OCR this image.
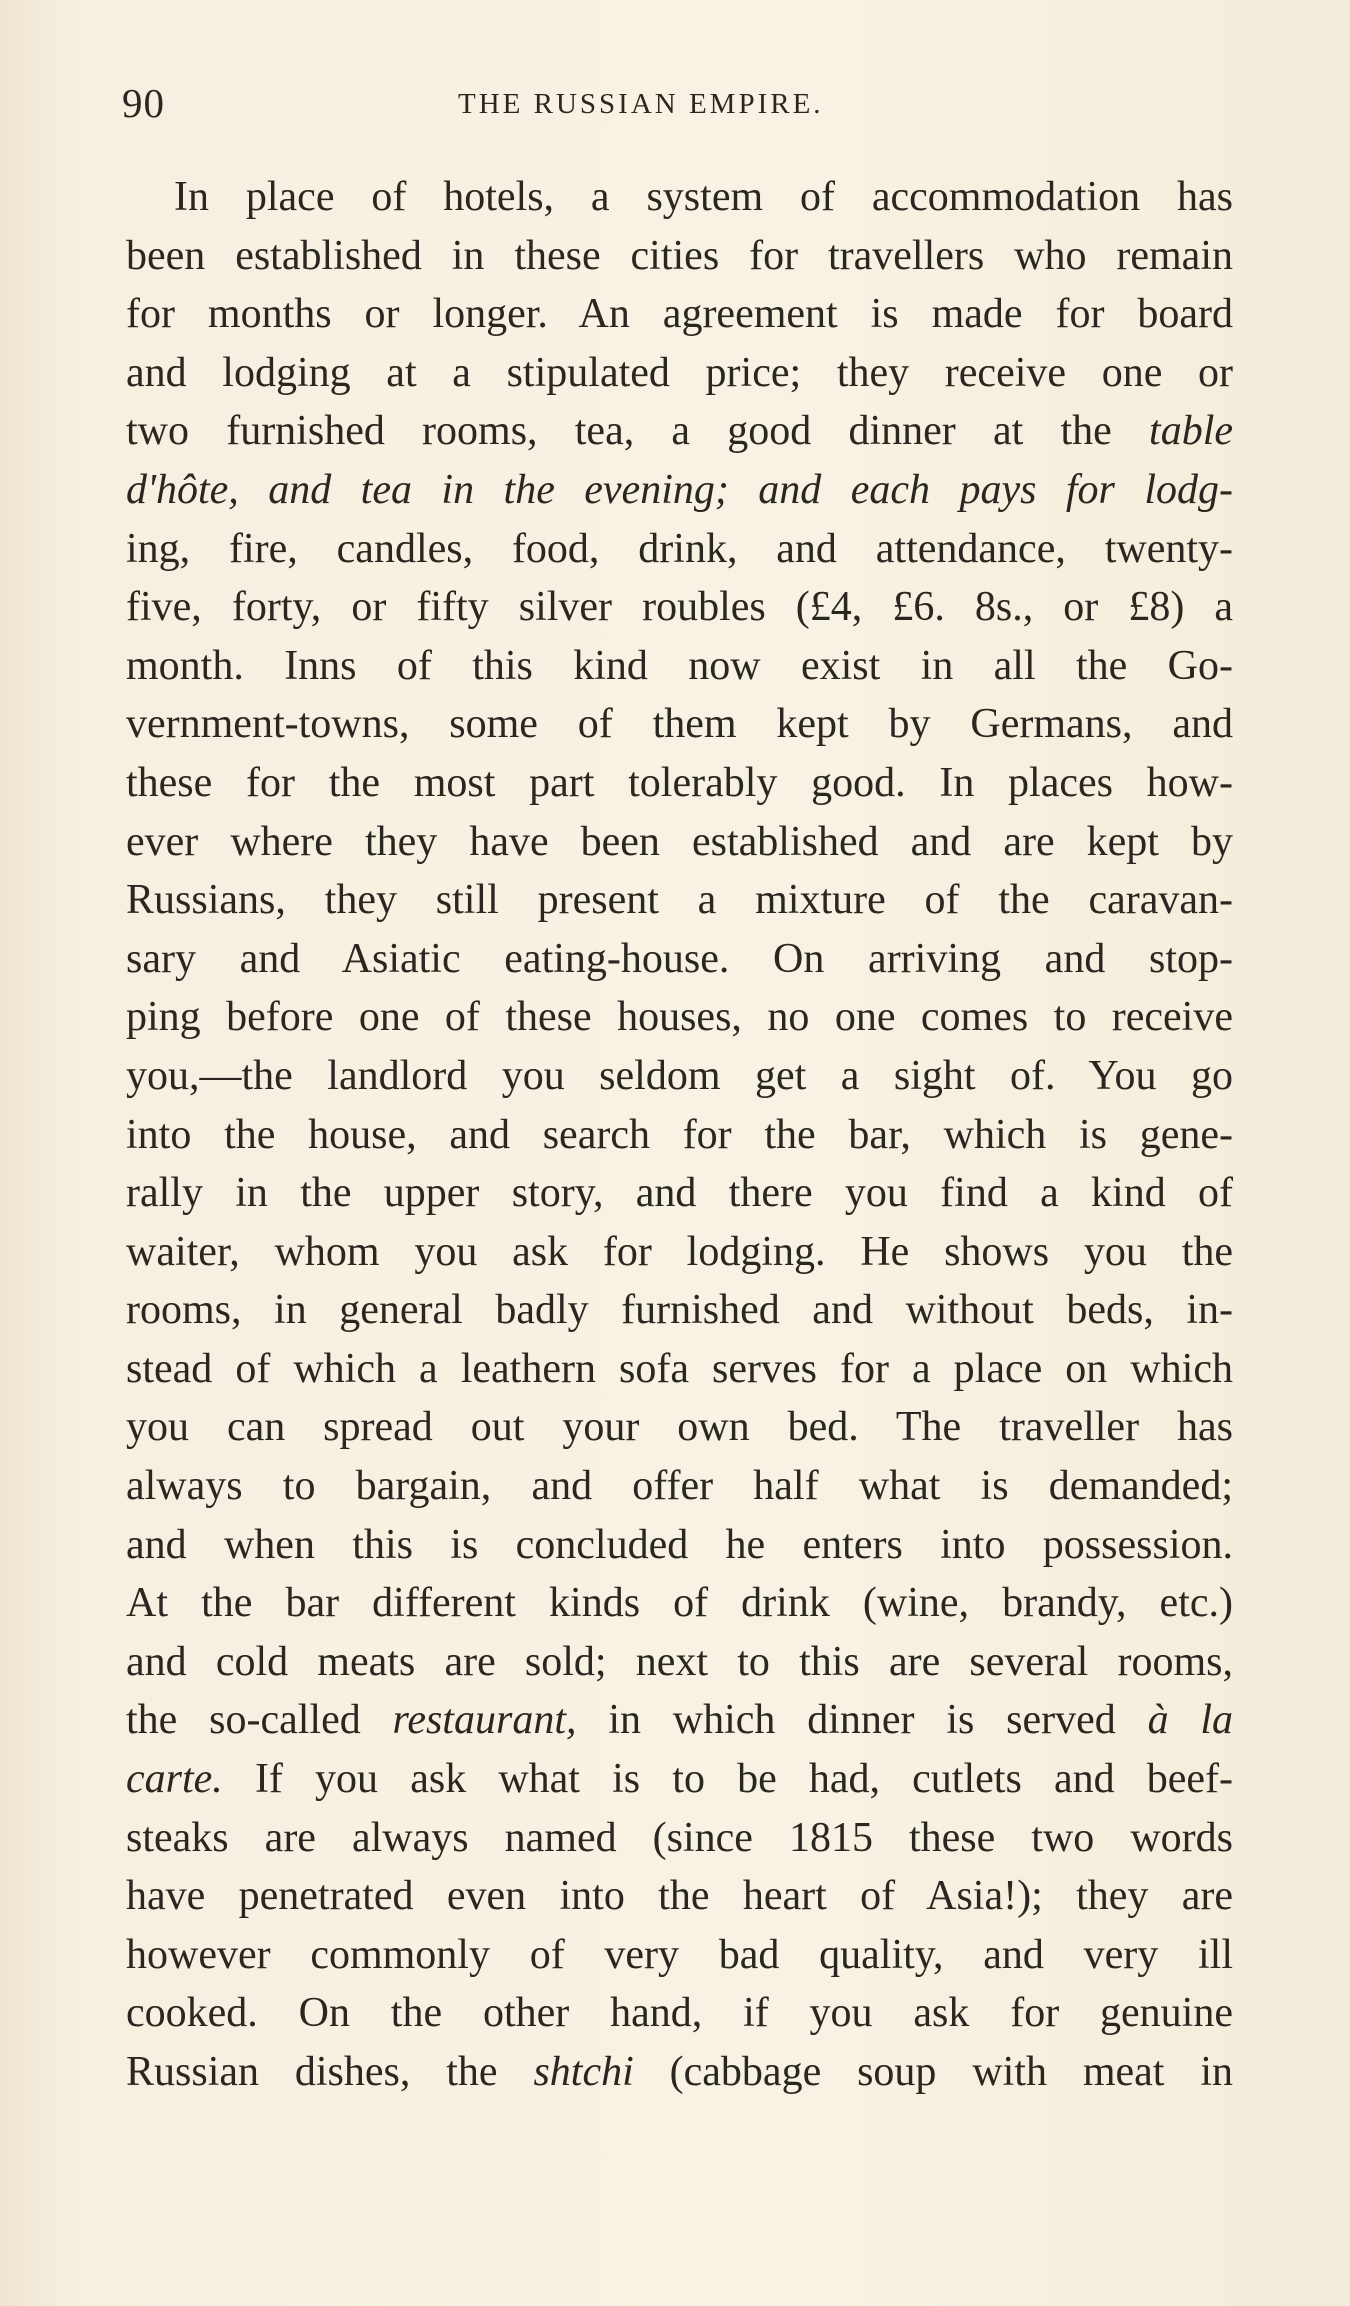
90	THE RUSSIAN EMPIRE.
In place of hotels, a system of accommodation has
been established in these cities for travellers who remain
for months or longer. An agreement is made for board
and lodging at a stipulated price; they receive one or
two furnished rooms, tea, a good dinner at the table
d'hôte, and tea in the evening; and each pays for lodg-
ing, fire, candles, food, drink, and attendance, twenty-
five, forty, or fifty silver roubles (£4, £6. 8s., or £8) a
month. Inns of this kind now exist in all the Go-
vernment-towns, some of them kept by Germans, and
these for the most part tolerably good. In places how-
ever where they have been established and are kept by
Russians, they still present a mixture of the caravan-
sary and Asiatic eating-house. On arriving and stop-
ping before one of these houses, no one comes to receive
you,—the landlord you seldom get a sight of. You go
into the house, and search for the bar, which is gene-
rally in the upper story, and there you find a kind of
waiter, whom you ask for lodging. He shows you the
rooms, in general badly furnished and without beds, in-
stead of which a leathern sofa serves for a place on which
you can spread out your own bed. The traveller has
always to bargain, and offer half what is demanded;
and when this is concluded he enters into possession.
At the bar different kinds of drink (wine, brandy, etc.)
and cold meats are sold; next to this are several rooms,
the so-called restaurant, in which dinner is served à la
carte. If you ask what is to be had, cutlets and beef-
steaks are always named (since 1815 these two words
have penetrated even into the heart of Asia!); they are
however commonly of very bad quality, and very ill
cooked. On the other hand, if you ask for genuine
Russian dishes, the shtchi (cabbage soup with meat in
